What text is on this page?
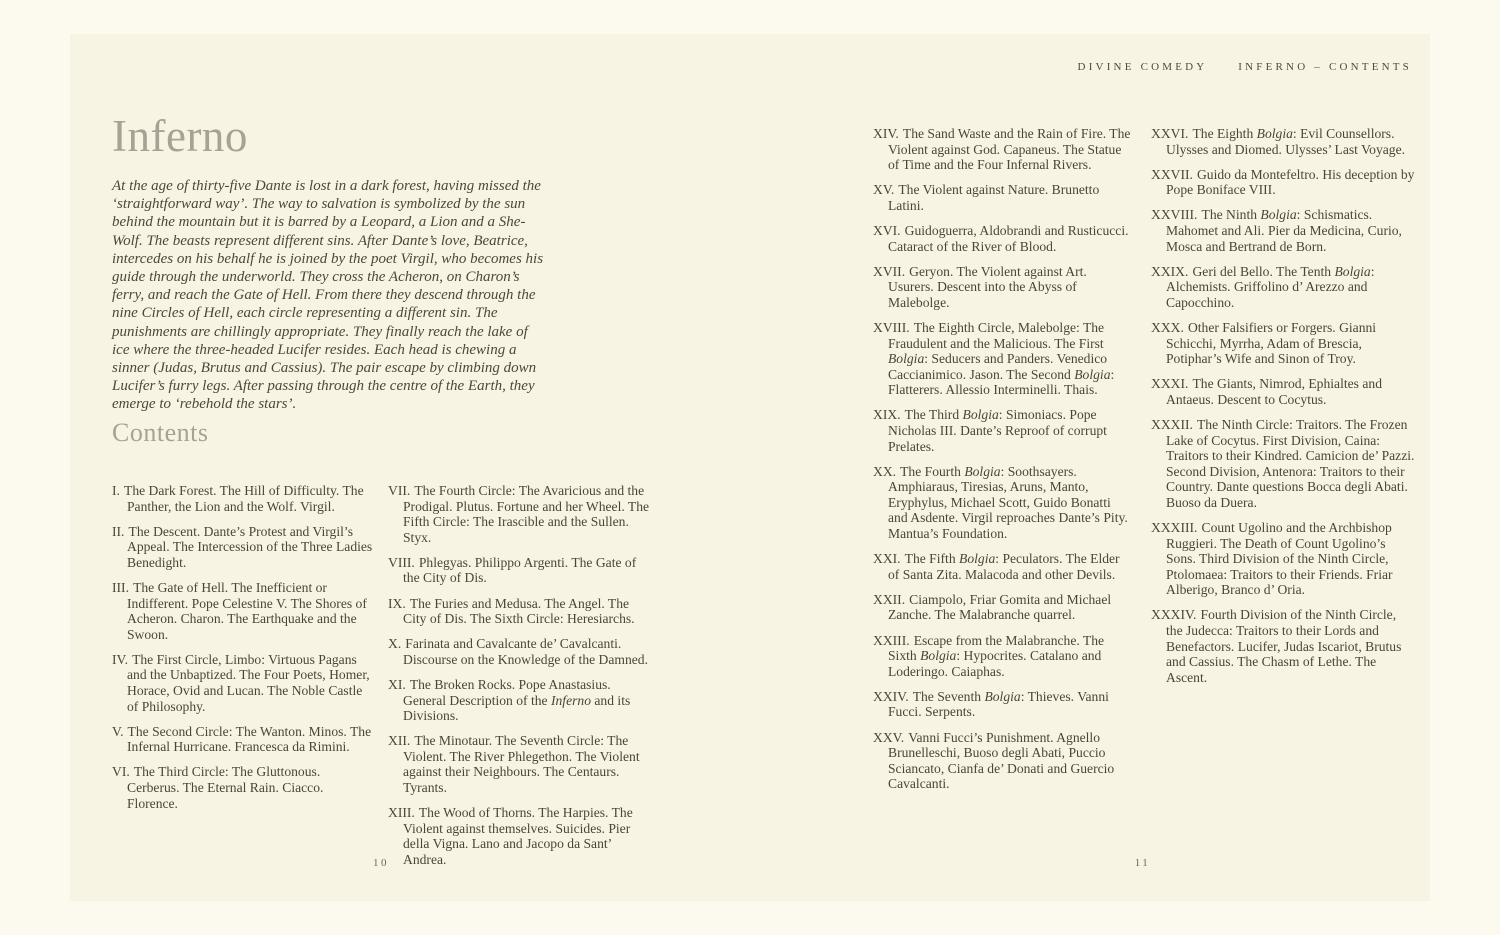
Inferno

At the age of thirty-five Dante is lost in a dark forest, having missed the ‘straightforward way’. The way to salvation is symbolized by the sun behind the mountain but it is barred by a Leopard, a Lion and a She-Wolf. The beasts represent different sins. After Dante’s love, Beatrice, intercedes on his behalf he is joined by the poet Virgil, who becomes his guide through the underworld. They cross the Acheron, on Charon’s ferry, and reach the Gate of Hell. From there they descend through the nine Circles of Hell, each circle representing a different sin. The punishments are chillingly appropriate. They finally reach the lake of ice where the three-headed Lucifer resides. Each head is chewing a sinner (Judas, Brutus and Cassius). The pair escape by climbing down Lucifer’s furry legs. After passing through the centre of the Earth, they emerge to ‘rebehold the stars’.

Contents
I. The Dark Forest. The Hill of Difficulty. The Panther, the Lion and the Wolf. Virgil.
II. The Descent. Dante’s Protest and Virgil’s Appeal. The Intercession of the Three Ladies Benedight.
III. The Gate of Hell. The Inefficient or Indifferent. Pope Celestine V. The Shores of Acheron. Charon. The Earthquake and the Swoon.
IV. The First Circle, Limbo: Virtuous Pagans and the Unbaptized. The Four Poets, Homer, Horace, Ovid and Lucan. The Noble Castle of Philosophy.
V. The Second Circle: The Wanton. Minos. The Infernal Hurricane. Francesca da Rimini.
VI. The Third Circle: The Gluttonous. Cerberus. The Eternal Rain. Ciacco. Florence.
VII. The Fourth Circle: The Avaricious and the Prodigal. Plutus. Fortune and her Wheel. The Fifth Circle: The Irascible and the Sullen. Styx.
VIII. Phlegyas. Philippo Argenti. The Gate of the City of Dis.
IX. The Furies and Medusa. The Angel. The City of Dis. The Sixth Circle: Heresiarchs.
X. Farinata and Cavalcante de’ Cavalcanti. Discourse on the Knowledge of the Damned.
XI. The Broken Rocks. Pope Anastasius. General Description of the Inferno and its Divisions.
XII. The Minotaur. The Seventh Circle: The Violent. The River Phlegethon. The Violent against their Neighbours. The Centaurs. Tyrants.
XIII. The Wood of Thorns. The Harpies. The Violent against themselves. Suicides. Pier della Vigna. Lano and Jacopo da Sant’ Andrea.
10
DIVINE COMEDY	INFERNO – CONTENTS
XIV. The Sand Waste and the Rain of Fire. The Violent against God. Capaneus. The Statue of Time and the Four Infernal Rivers.
XV. The Violent against Nature. Brunetto Latini.
XVI. Guidoguerra, Aldobrandi and Rusticucci. Cataract of the River of Blood.
XVII. Geryon. The Violent against Art. Usurers. Descent into the Abyss of Malebolge.
XVIII. The Eighth Circle, Malebolge: The Fraudulent and the Malicious. The First Bolgia: Seducers and Panders. Venedico Caccianimico. Jason. The Second Bolgia: Flatterers. Allessio Interminelli. Thais.
XIX. The Third Bolgia: Simoniacs. Pope Nicholas III. Dante’s Reproof of corrupt Prelates.
XX. The Fourth Bolgia: Soothsayers. Amphiaraus, Tiresias, Aruns, Manto, Eryphylus, Michael Scott, Guido Bonatti and Asdente. Virgil reproaches Dante’s Pity. Mantua’s Foundation.
XXI. The Fifth Bolgia: Peculators. The Elder of Santa Zita. Malacoda and other Devils.
XXII. Ciampolo, Friar Gomita and Michael Zanche. The Malabranche quarrel.
XXIII. Escape from the Malabranche. The Sixth Bolgia: Hypocrites. Catalano and Loderingo. Caiaphas.
XXIV. The Seventh Bolgia: Thieves. Vanni Fucci. Serpents.
XXV. Vanni Fucci’s Punishment. Agnello Brunelleschi, Buoso degli Abati, Puccio Sciancato, Cianfa de’ Donati and Guercio Cavalcanti.
XXVI. The Eighth Bolgia: Evil Counsellors. Ulysses and Diomed. Ulysses’ Last Voyage.
XXVII. Guido da Montefeltro. His deception by Pope Boniface VIII.
XXVIII. The Ninth Bolgia: Schismatics. Mahomet and Ali. Pier da Medicina, Curio, Mosca and Bertrand de Born.
XXIX. Geri del Bello. The Tenth Bolgia: Alchemists. Griffolino d’ Arezzo and Capocchino.
XXX. Other Falsifiers or Forgers. Gianni Schicchi, Myrrha, Adam of Brescia, Potiphar’s Wife and Sinon of Troy.
XXXI. The Giants, Nimrod, Ephialtes and Antaeus. Descent to Cocytus.
XXXII. The Ninth Circle: Traitors. The Frozen Lake of Cocytus. First Division, Caina: Traitors to their Kindred. Camicion de’ Pazzi. Second Division, Antenora: Traitors to their Country. Dante questions Bocca degli Abati. Buoso da Duera.
XXXIII. Count Ugolino and the Archbishop Ruggieri. The Death of Count Ugolino’s Sons. Third Division of the Ninth Circle, Ptolomaea: Traitors to their Friends. Friar Alberigo, Branco d’ Oria.
XXXIV. Fourth Division of the Ninth Circle, the Judecca: Traitors to their Lords and Benefactors. Lucifer, Judas Iscariot, Brutus and Cassius. The Chasm of Lethe. The Ascent.
11
